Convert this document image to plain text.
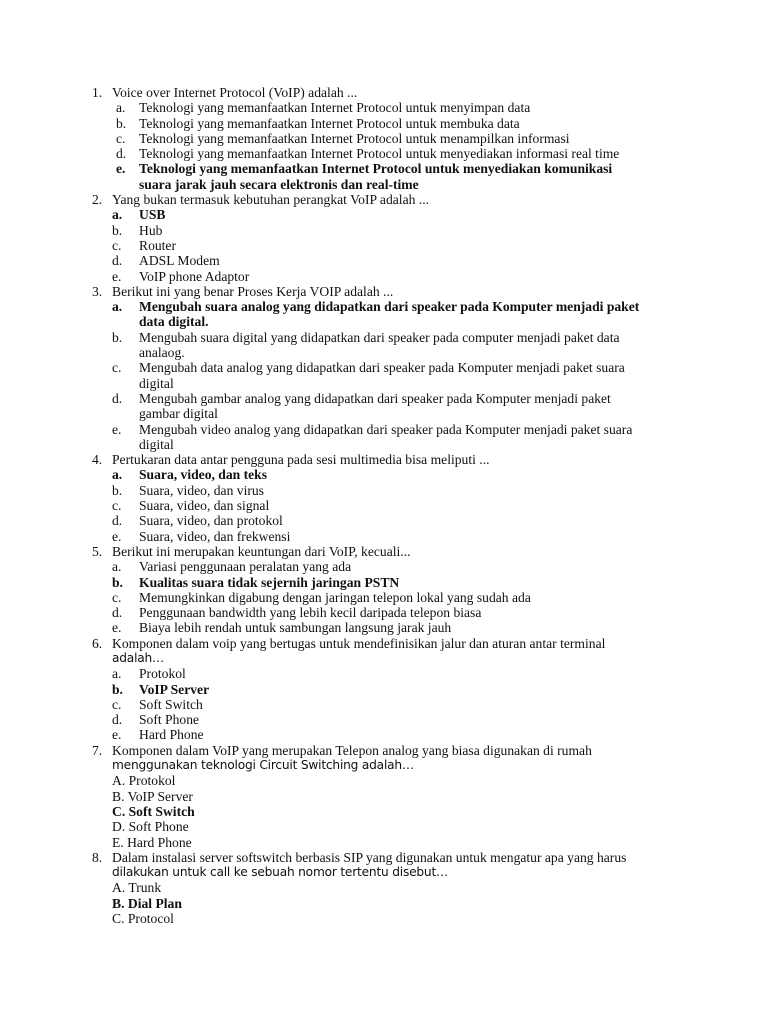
1. Voice over Internet Protocol (VoIP) adalah ...
a. Teknologi yang memanfaatkan Internet Protocol untuk menyimpan data
b. Teknologi yang memanfaatkan Internet Protocol untuk membuka data
c. Teknologi yang memanfaatkan Internet Protocol untuk menampilkan informasi
d. Teknologi yang memanfaatkan Internet Protocol untuk menyediakan informasi real time
e. Teknologi yang memanfaatkan Internet Protocol untuk menyediakan komunikasi
suara jarak jauh secara elektronis dan real-time
2. Yang bukan termasuk kebutuhan perangkat VoIP adalah ...
a. USB
b. Hub
c. Router
d. ADSL Modem
e. VoIP phone Adaptor
3. Berikut ini yang benar Proses Kerja VOIP adalah ...
a. Mengubah suara analog yang didapatkan dari speaker pada Komputer menjadi paket
data digital.
b. Mengubah suara digital yang didapatkan dari speaker pada computer menjadi paket data
analaog.
c. Mengubah data analog yang didapatkan dari speaker pada Komputer menjadi paket suara
digital
d. Mengubah gambar analog yang didapatkan dari speaker pada Komputer menjadi paket
gambar digital
e. Mengubah video analog yang didapatkan dari speaker pada Komputer menjadi paket suara
digital
4. Pertukaran data antar pengguna pada sesi multimedia bisa meliputi ...
a. Suara, video, dan teks
b. Suara, video, dan virus
c. Suara, video, dan signal
d. Suara, video, dan protokol
e. Suara, video, dan frekwensi
5. Berikut ini merupakan keuntungan dari VoIP, kecuali...
a. Variasi penggunaan peralatan yang ada
b. Kualitas suara tidak sejernih jaringan PSTN
c. Memungkinkan digabung dengan jaringan telepon lokal yang sudah ada
d. Penggunaan bandwidth yang lebih kecil daripada telepon biasa
e. Biaya lebih rendah untuk sambungan langsung jarak jauh
6. Komponen dalam voip yang bertugas untuk mendefinisikan jalur dan aturan antar terminal
adalah…
a. Protokol
b. VoIP Server
c. Soft Switch
d. Soft Phone
e. Hard Phone
7. Komponen dalam VoIP yang merupakan Telepon analog yang biasa digunakan di rumah
menggunakan teknologi Circuit Switching adalah…
A. Protokol
B. VoIP Server
C. Soft Switch
D. Soft Phone
E. Hard Phone
8. Dalam instalasi server softswitch berbasis SIP yang digunakan untuk mengatur apa yang harus
dilakukan untuk call ke sebuah nomor tertentu disebut…
A. Trunk
B. Dial Plan
C. Protocol
